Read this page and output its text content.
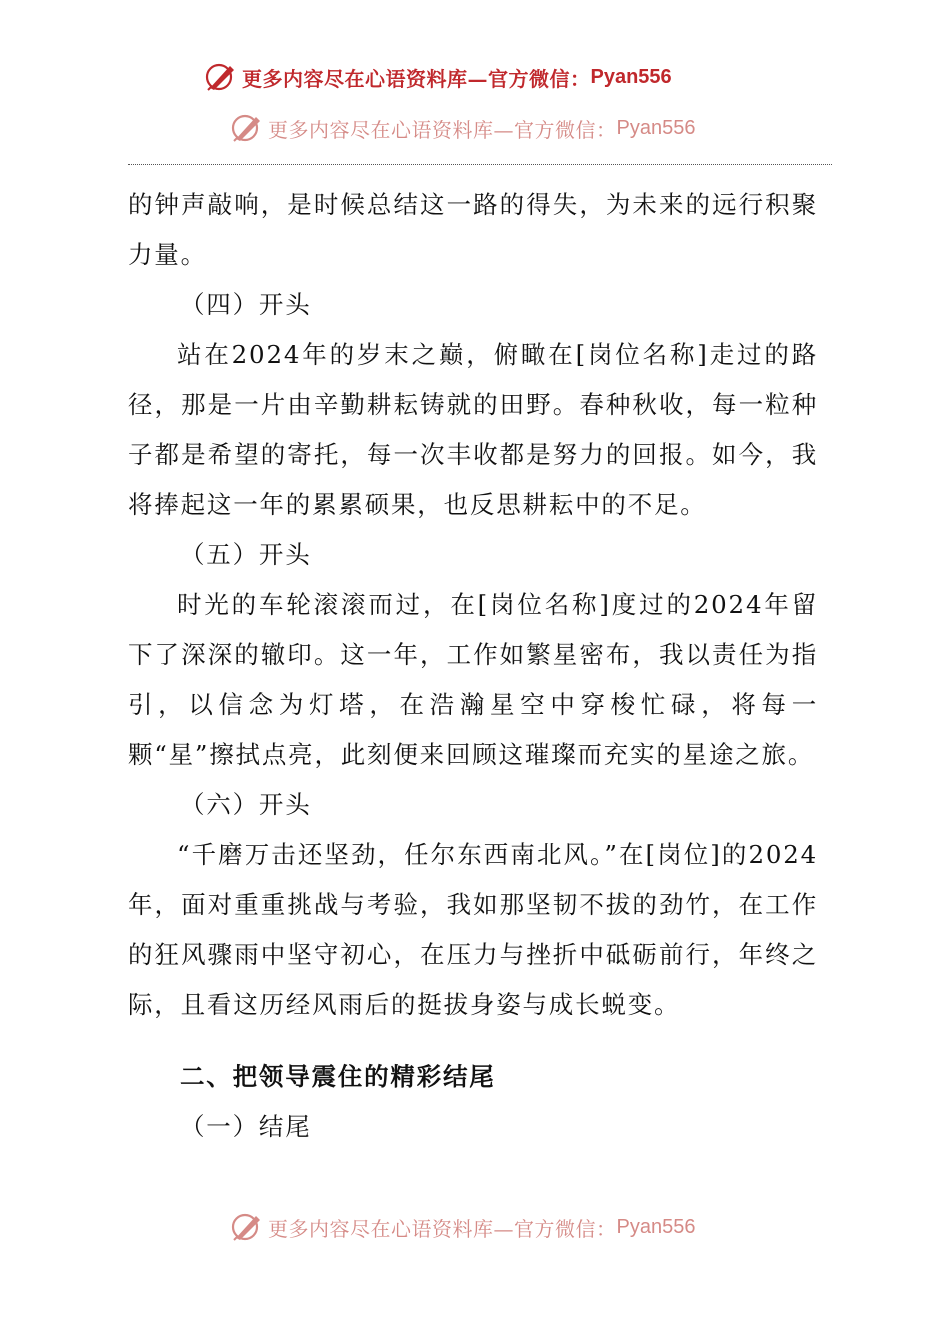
更多内容尽在心语资料库—官方微信： Pyan556
更多内容尽在心语资料库—官方微信： Pyan556

的钟声敲响，是时候总结这一路的得失，为未来的远行积聚力量。

（四）开头

站在2024年的岁末之巅，俯瞰在[岗位名称]走过的路径，那是一片由辛勤耕耘铸就的田野。春种秋收，每一粒种子都是希望的寄托，每一次丰收都是努力的回报。如今，我将捧起这一年的累累硕果，也反思耕耘中的不足。

（五）开头

时光的车轮滚滚而过，在[岗位名称]度过的2024年留下了深深的辙印。这一年，工作如繁星密布，我以责任为指引，以信念为灯塔，在浩瀚星空中穿梭忙碌，将每一颗“星”擦拭点亮，此刻便来回顾这璀璨而充实的星途之旅。

（六）开头

“千磨万击还坚劲，任尔东西南北风。”在[岗位]的2024年，面对重重挑战与考验，我如那坚韧不拔的劲竹，在工作的狂风骤雨中坚守初心，在压力与挫折中砥砺前行，年终之际，且看这历经风雨后的挺拔身姿与成长蜕变。

二、把领导震住的精彩结尾

（一）结尾

更多内容尽在心语资料库—官方微信： Pyan556
